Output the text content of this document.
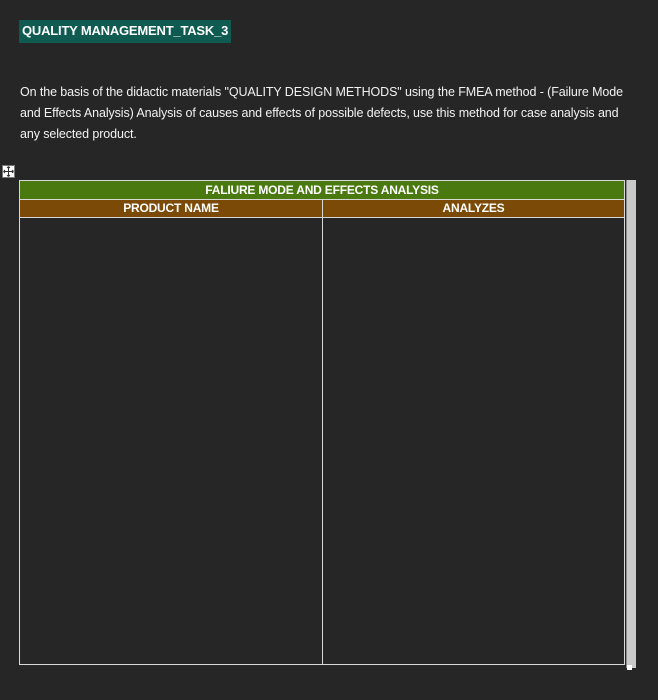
QUALITY MANAGEMENT_TASK_3
On the basis of the didactic materials "QUALITY DESIGN METHODS" using the FMEA method - (Failure Mode and Effects Analysis) Analysis of causes and effects of possible defects, use this method for case analysis and any selected product.
FALIURE MODE AND EFFECTS ANALYSIS
PRODUCT NAME	ANALYZES
